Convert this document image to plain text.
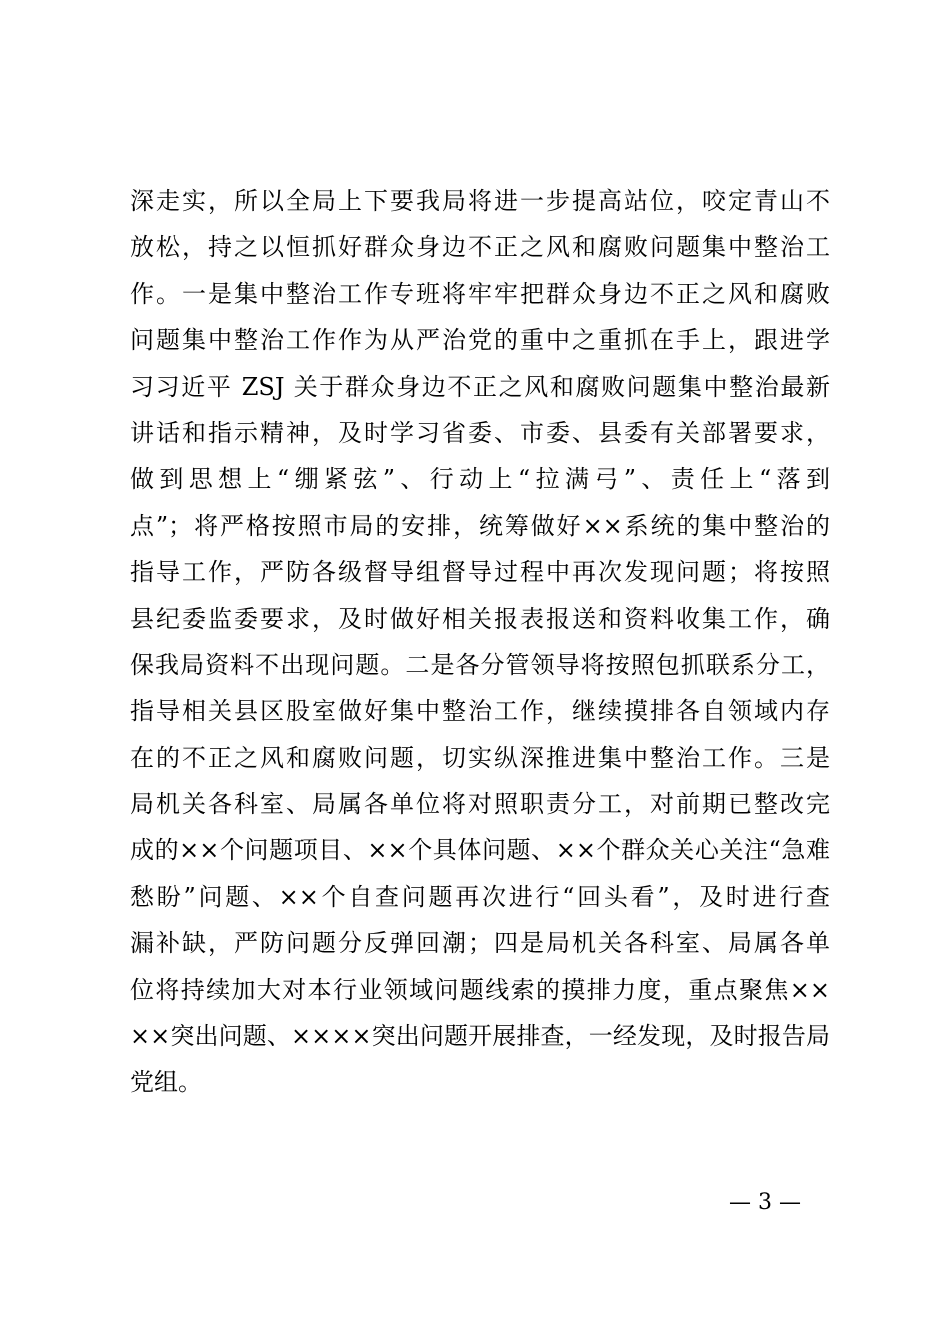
深走实，所以全局上下要我局将进一步提高站位，咬定青山不
放松，持之以恒抓好群众身边不正之风和腐败问题集中整治工
作。一是集中整治工作专班将牢牢把群众身边不正之风和腐败
问题集中整治工作作为从严治党的重中之重抓在手上，跟进学
习习近平 ZSJ 关于群众身边不正之风和腐败问题集中整治最新
讲话和指示精神，及时学习省委、市委、县委有关部署要求，
做到思想上“绷紧弦”、行动上“拉满弓”、责任上“落到
点”；将严格按照市局的安排，统筹做好××系统的集中整治的
指导工作，严防各级督导组督导过程中再次发现问题；将按照
县纪委监委要求，及时做好相关报表报送和资料收集工作，确
保我局资料不出现问题。二是各分管领导将按照包抓联系分工，
指导相关县区股室做好集中整治工作，继续摸排各自领域内存
在的不正之风和腐败问题，切实纵深推进集中整治工作。三是
局机关各科室、局属各单位将对照职责分工，对前期已整改完
成的××个问题项目、××个具体问题、××个群众关心关注“急难
愁盼”问题、××个自查问题再次进行“回头看”，及时进行查
漏补缺，严防问题分反弹回潮；四是局机关各科室、局属各单
位将持续加大对本行业领域问题线索的摸排力度，重点聚焦××
××突出问题、××××突出问题开展排查，一经发现，及时报告局
党组。
— 3 —
